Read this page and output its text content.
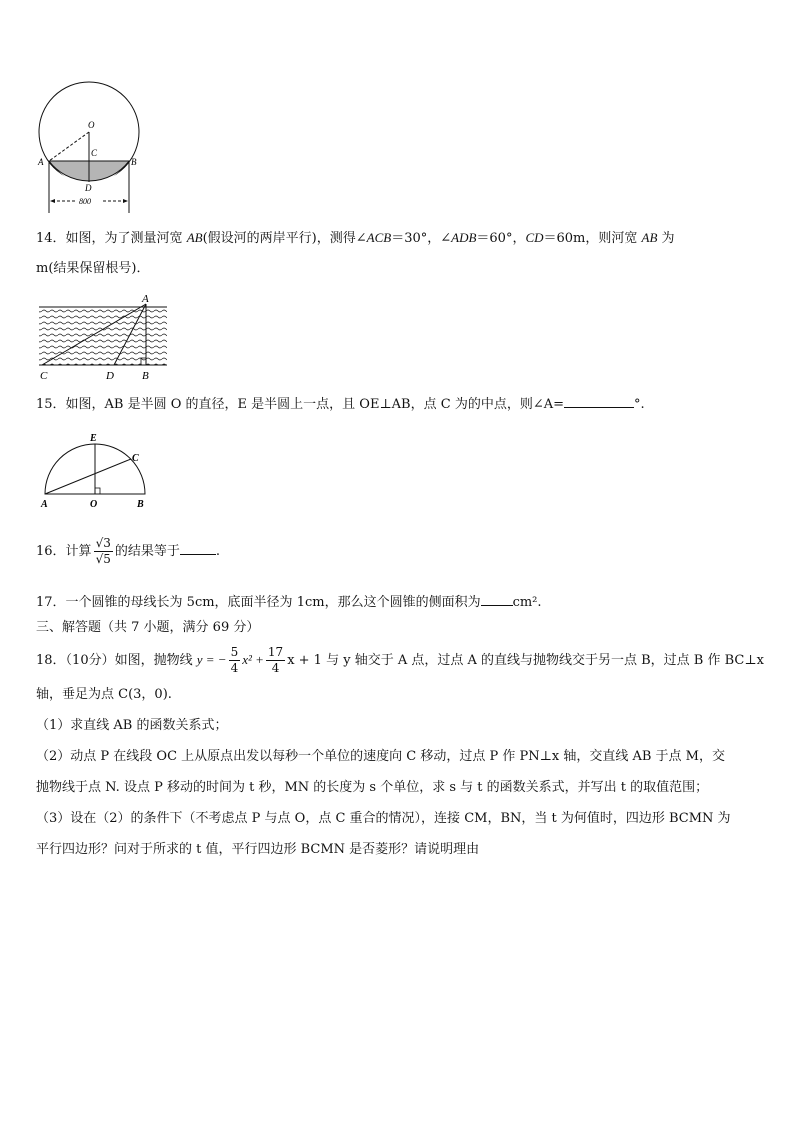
O
A	B
C
D
800
14．如图，为了测量河宽 AB(假设河的两岸平行)，测得∠ACB＝30°，∠ADB＝60°，CD＝60m，则河宽 AB 为
m(结果保留根号)．
A
C	D	B
15．如图，AB 是半圆 O 的直径，E 是半圆上一点，且 OE⊥AB，点 C 为的中点，则∠A=	°.
E
C
A	O	B
16．计算 $\frac{√3}{√5}$ 的结果等于	.
17．一个圆锥的母线长为 5cm，底面半径为 1cm，那么这个圆锥的侧面积为 cm².
三、解答题（共 7 小题，满分 69 分）
18．（10分）如图，抛物线 y = − $\frac{5}{4} x^2 + \frac{17}{4}$ x + 1 与 y 轴交于 A 点，过点 A 的直线与抛物线交于另一点 B，过点 B 作 BC⊥x
轴，垂足为点 C(3，0).
（1）求直线 AB 的函数关系式；
（2）动点 P 在线段 OC 上从原点出发以每秒一个单位的速度向 C 移动，过点 P 作 PN⊥x 轴，交直线 AB 于点 M，交
抛物线于点 N. 设点 P 移动的时间为 t 秒，MN 的长度为 s 个单位，求 s 与 t 的函数关系式，并写出 t 的取值范围；
（3）设在（2）的条件下（不考虑点 P 与点 O，点 C 重合的情况），连接 CM，BN，当 t 为何值时，四边形 BCMN 为
平行四边形？问对于所求的 t 值，平行四边形 BCMN 是否菱形？请说明理由
